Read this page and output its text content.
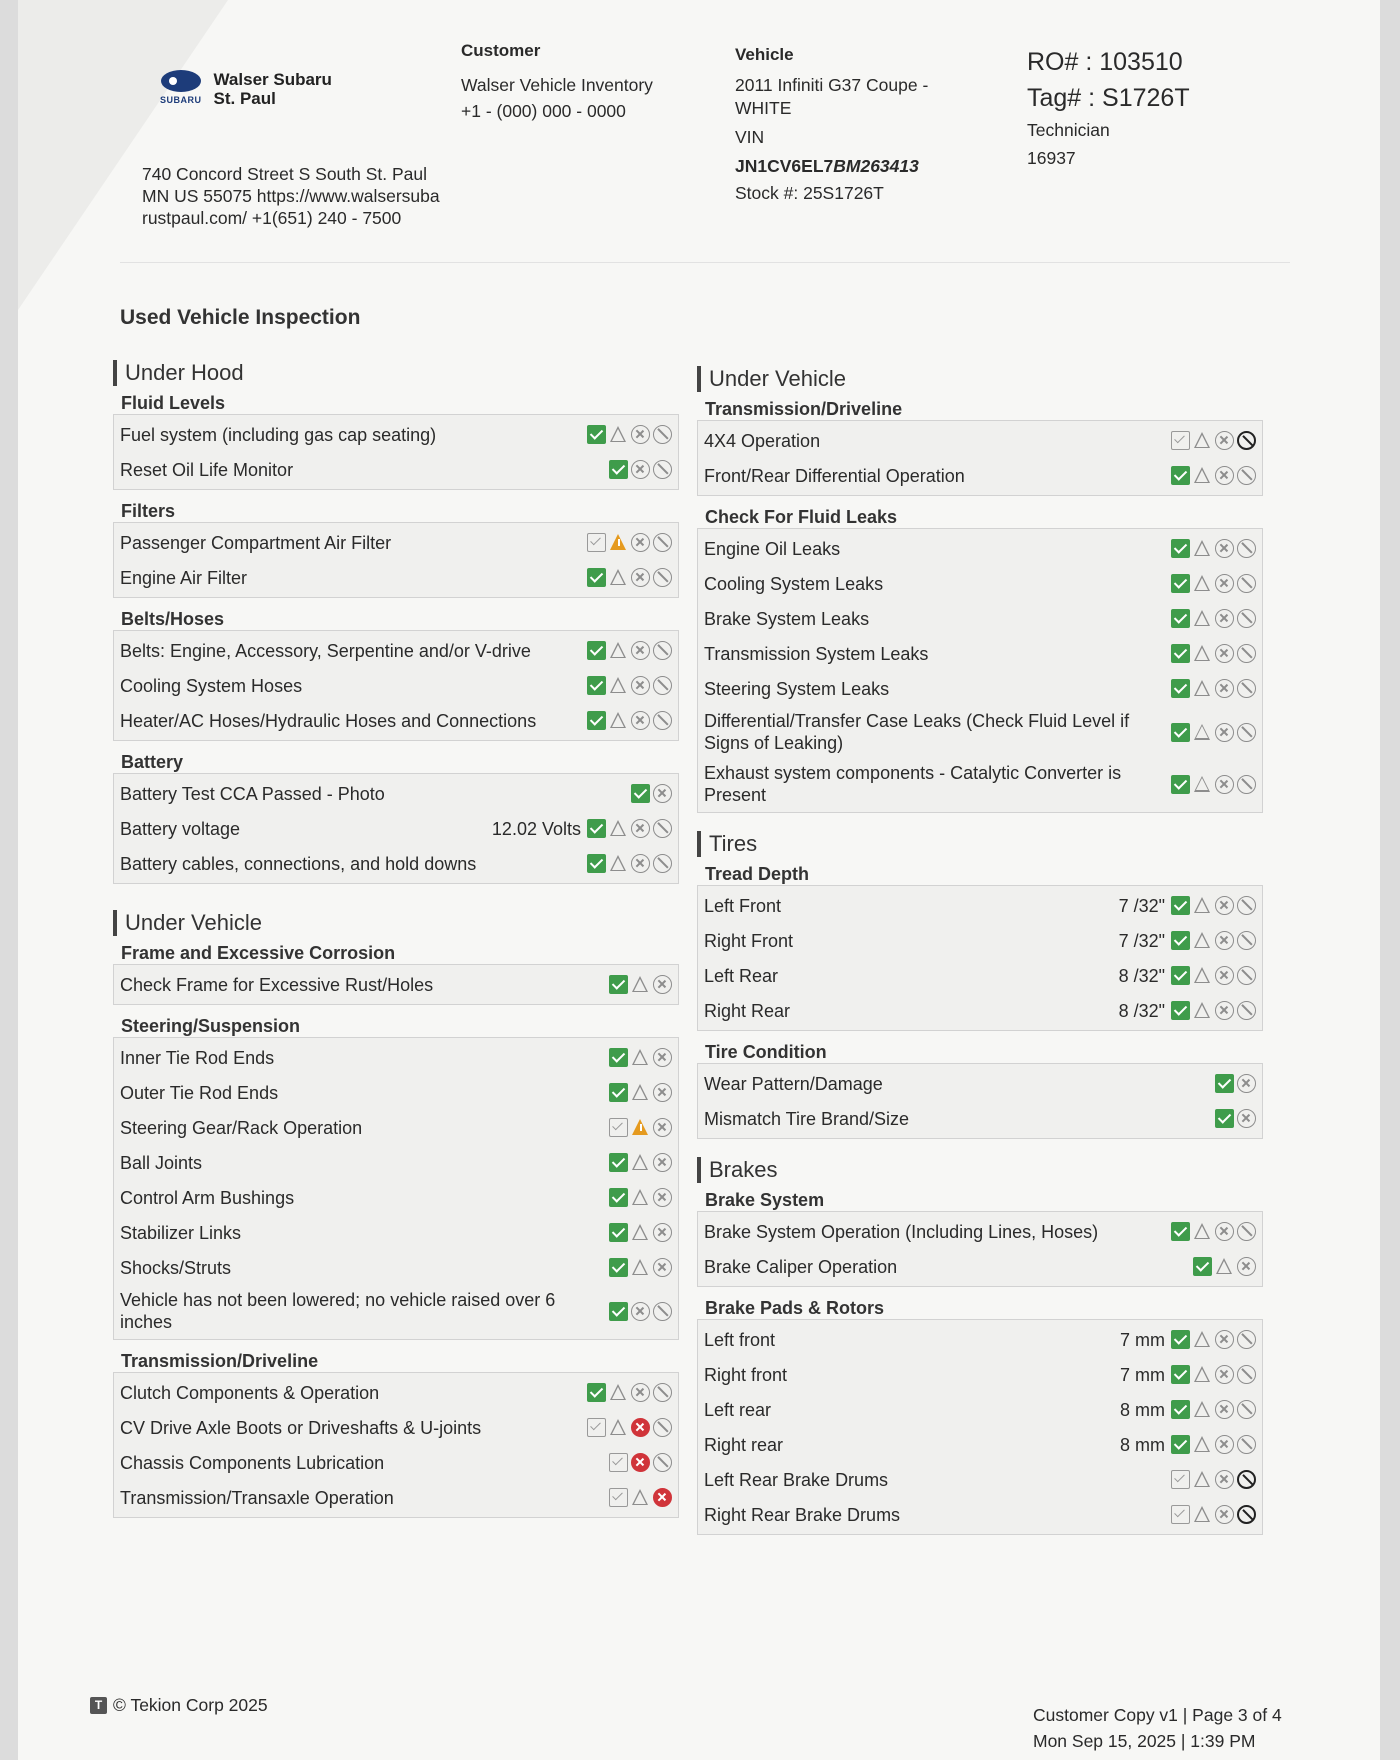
SUBARU
Walser Subaru St. Paul
740 Concord Street S South St. Paul MN US 55075 https://www.walsersubarustpaul.com/ +1(651) 240 - 7500
Customer
Walser Vehicle Inventory
+1 - (000) 000 - 0000
Vehicle
2011 Infiniti G37 Coupe - WHITE
VIN
JN1CV6EL7BM263413
Stock #: 25S1726T
RO# : 103510
Tag# : S1726T
Technician
16937
Used Vehicle Inspection
Under Hood
Fluid Levels
Fuel system (including gas cap seating)
Reset Oil Life Monitor
Filters
Passenger Compartment Air Filter
Engine Air Filter
Belts/Hoses
Belts: Engine, Accessory, Serpentine and/or V-drive
Cooling System Hoses
Heater/AC Hoses/Hydraulic Hoses and Connections
Battery
Battery Test CCA Passed - Photo
Battery voltage	12.02 Volts
Battery cables, connections, and hold downs
Under Vehicle
Frame and Excessive Corrosion
Check Frame for Excessive Rust/Holes
Steering/Suspension
Inner Tie Rod Ends
Outer Tie Rod Ends
Steering Gear/Rack Operation
Ball Joints
Control Arm Bushings
Stabilizer Links
Shocks/Struts
Vehicle has not been lowered; no vehicle raised over 6 inches
Transmission/Driveline
Clutch Components & Operation
CV Drive Axle Boots or Driveshafts & U-joints
Chassis Components Lubrication
Transmission/Transaxle Operation
Under Vehicle
Transmission/Driveline
4X4 Operation
Front/Rear Differential Operation
Check For Fluid Leaks
Engine Oil Leaks
Cooling System Leaks
Brake System Leaks
Transmission System Leaks
Steering System Leaks
Differential/Transfer Case Leaks (Check Fluid Level if Signs of Leaking)
Exhaust system components - Catalytic Converter is Present
Tires
Tread Depth
Left Front	7 /32"
Right Front	7 /32"
Left Rear	8 /32"
Right Rear	8 /32"
Tire Condition
Wear Pattern/Damage
Mismatch Tire Brand/Size
Brakes
Brake System
Brake System Operation (Including Lines, Hoses)
Brake Caliper Operation
Brake Pads & Rotors
Left front	7 mm
Right front	7 mm
Left rear	8 mm
Right rear	8 mm
Left Rear Brake Drums
Right Rear Brake Drums
T © Tekion Corp 2025	Customer Copy v1 | Page 3 of 4
Mon Sep 15, 2025 | 1:39 PM
